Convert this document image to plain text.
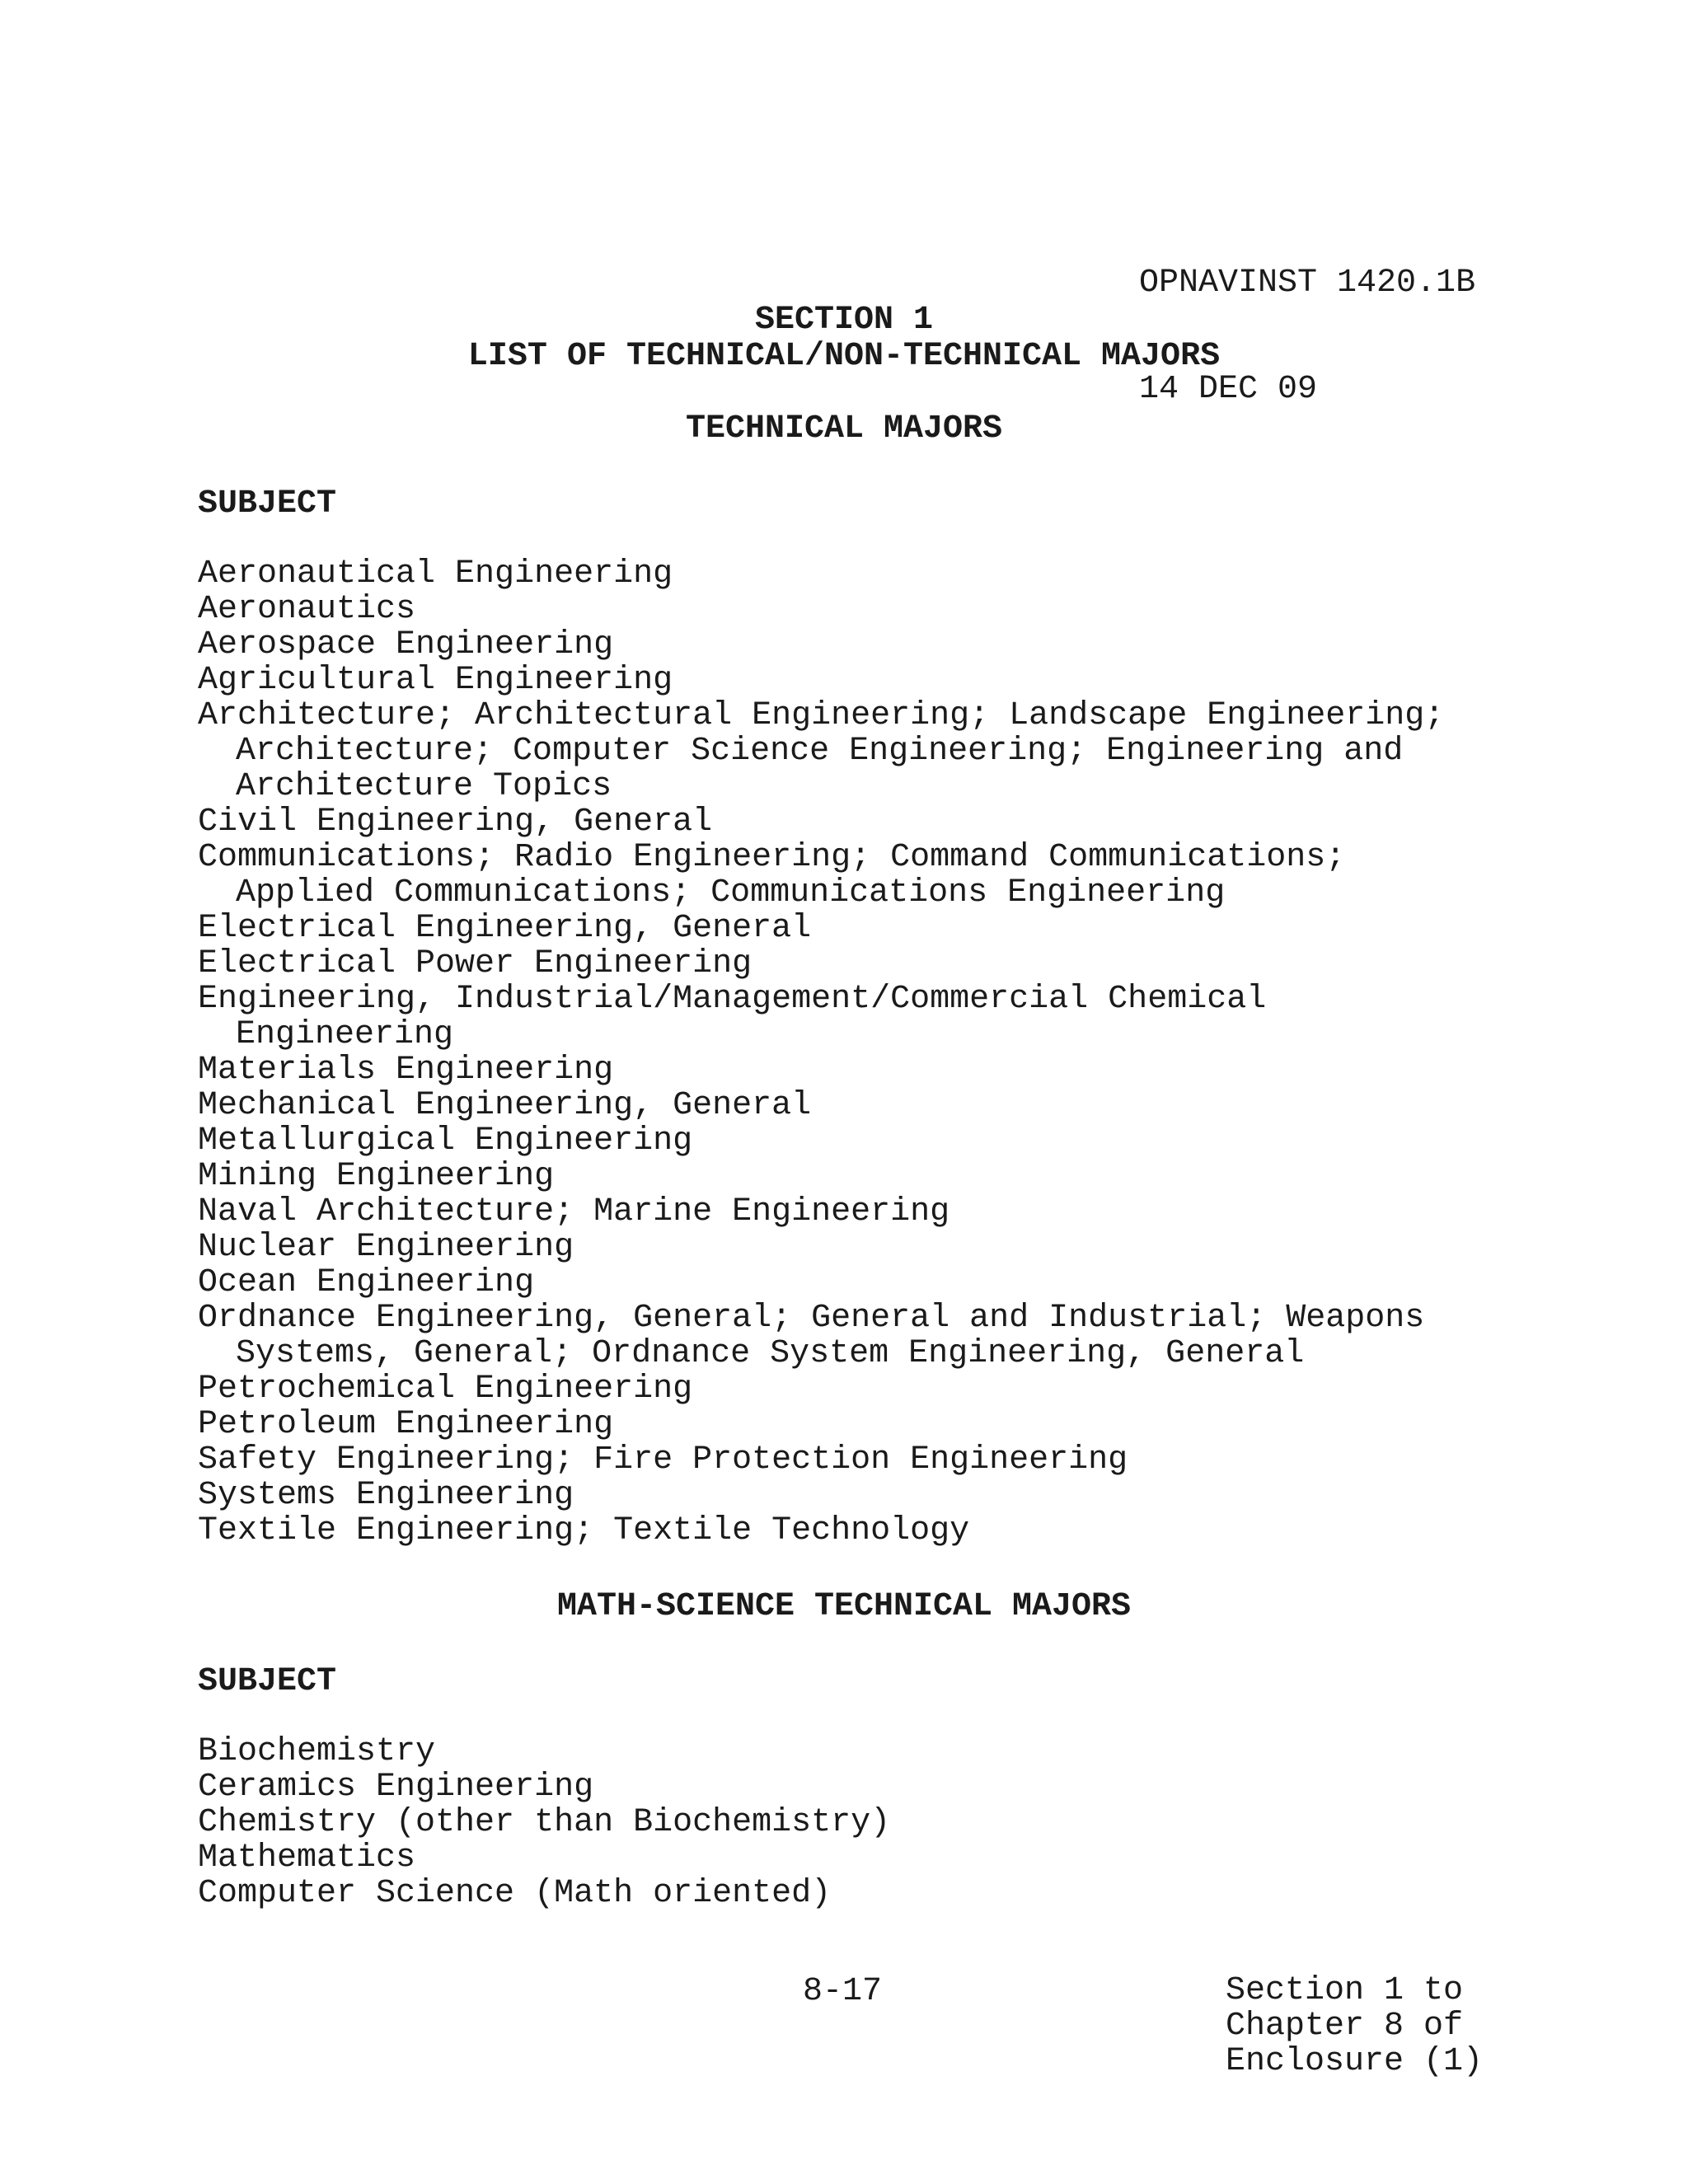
OPNAVINST 1420.1B

14 DEC 09

SECTION 1
LIST OF TECHNICAL/NON-TECHNICAL MAJORS
TECHNICAL MAJORS
SUBJECT
Aeronautical Engineering
Aeronautics
Aerospace Engineering
Agricultural Engineering
Architecture; Architectural Engineering; Landscape Engineering;
Architecture; Computer Science Engineering; Engineering and
Architecture Topics
Civil Engineering, General
Communications; Radio Engineering; Command Communications;
Applied Communications; Communications Engineering
Electrical Engineering, General
Electrical Power Engineering
Engineering, Industrial/Management/Commercial Chemical
Engineering
Materials Engineering
Mechanical Engineering, General
Metallurgical Engineering
Mining Engineering
Naval Architecture; Marine Engineering
Nuclear Engineering
Ocean Engineering
Ordnance Engineering, General; General and Industrial; Weapons
Systems, General; Ordnance System Engineering, General
Petrochemical Engineering
Petroleum Engineering
Safety Engineering; Fire Protection Engineering
Systems Engineering
Textile Engineering; Textile Technology
MATH-SCIENCE TECHNICAL MAJORS
SUBJECT
Biochemistry
Ceramics Engineering
Chemistry (other than Biochemistry)
Mathematics
Computer Science (Math oriented)
8-17	Section 1 to
Chapter 8 of
Enclosure (1)
